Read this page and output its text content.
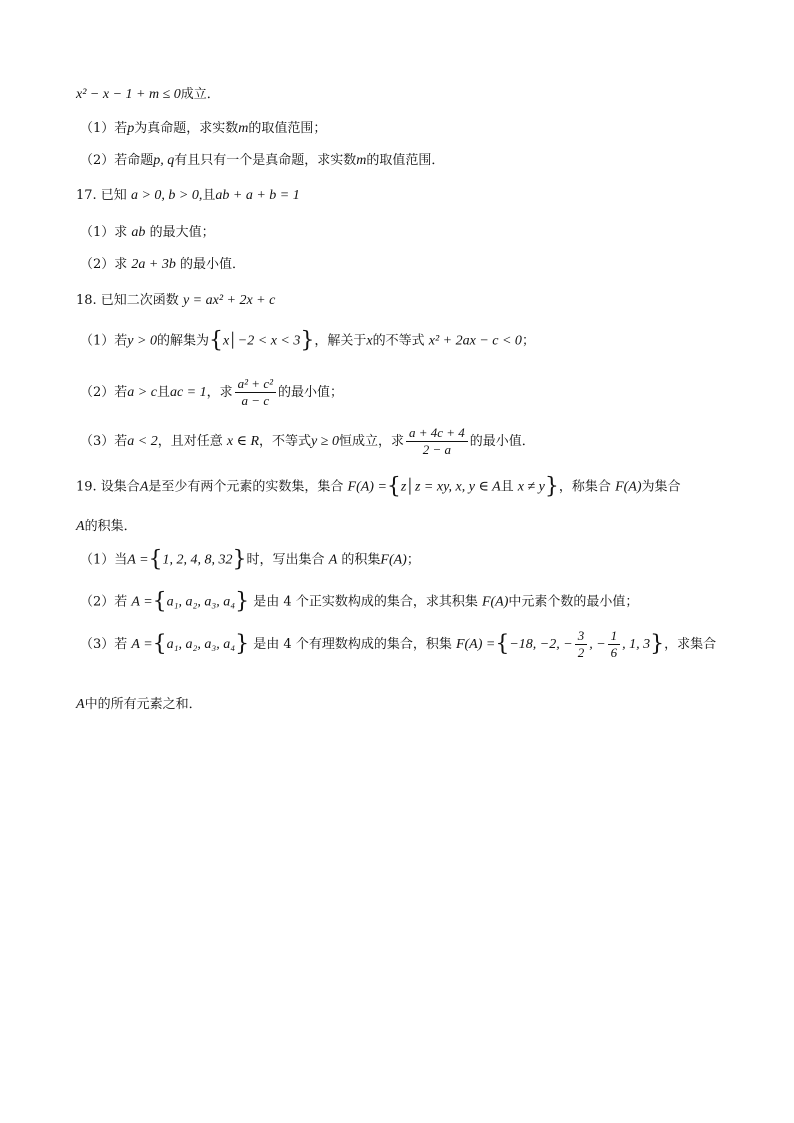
x² − x − 1 + m ≤ 0成立．
（1）若p为真命题，求实数m的取值范围；
（2）若命题p, q有且只有一个是真命题，求实数m的取值范围．
17. 已知 a > 0, b > 0,且ab + a + b = 1
（1）求 ab 的最大值；
（2）求 2a + 3b 的最小值．
18. 已知二次函数 y = ax² + 2x + c
（1）若y > 0的解集为{x│−2 < x < 3}，解关于x的不等式 x² + 2ax − c < 0；
（2）若a > c且ac = 1，求 $\frac{\text{a² + c²}}{a - c}$ 的最小值；
（3）若a < 2，且对任意 x ∈ R，不等式y ≥ 0恒成立，求 $\frac{a + 4c + 4}{2 - a}$ 的最小值．
19. 设集合A是至少有两个元素的实数集，集合 F(A) ={z│z = xy, x, y ∈ A且 x ≠ y}，称集合 F(A)为集合
A的积集．
（1）当A ={1, 2, 4, 8, 32}时，写出集合 A 的积集F(A)；
（2）若 A ={a₁, a₂, a₃, a₄} 是由 4 个正实数构成的集合，求其积集 F(A)中元素个数的最小值；
（3）若 A ={a₁, a₂, a₃, a₄} 是由 4 个有理数构成的集合，积集 F(A) ={−18, −2, − $\frac{3}{2}$ , − $\frac{1}{6}$ , 1, 3}，求集合
A中的所有元素之和．
